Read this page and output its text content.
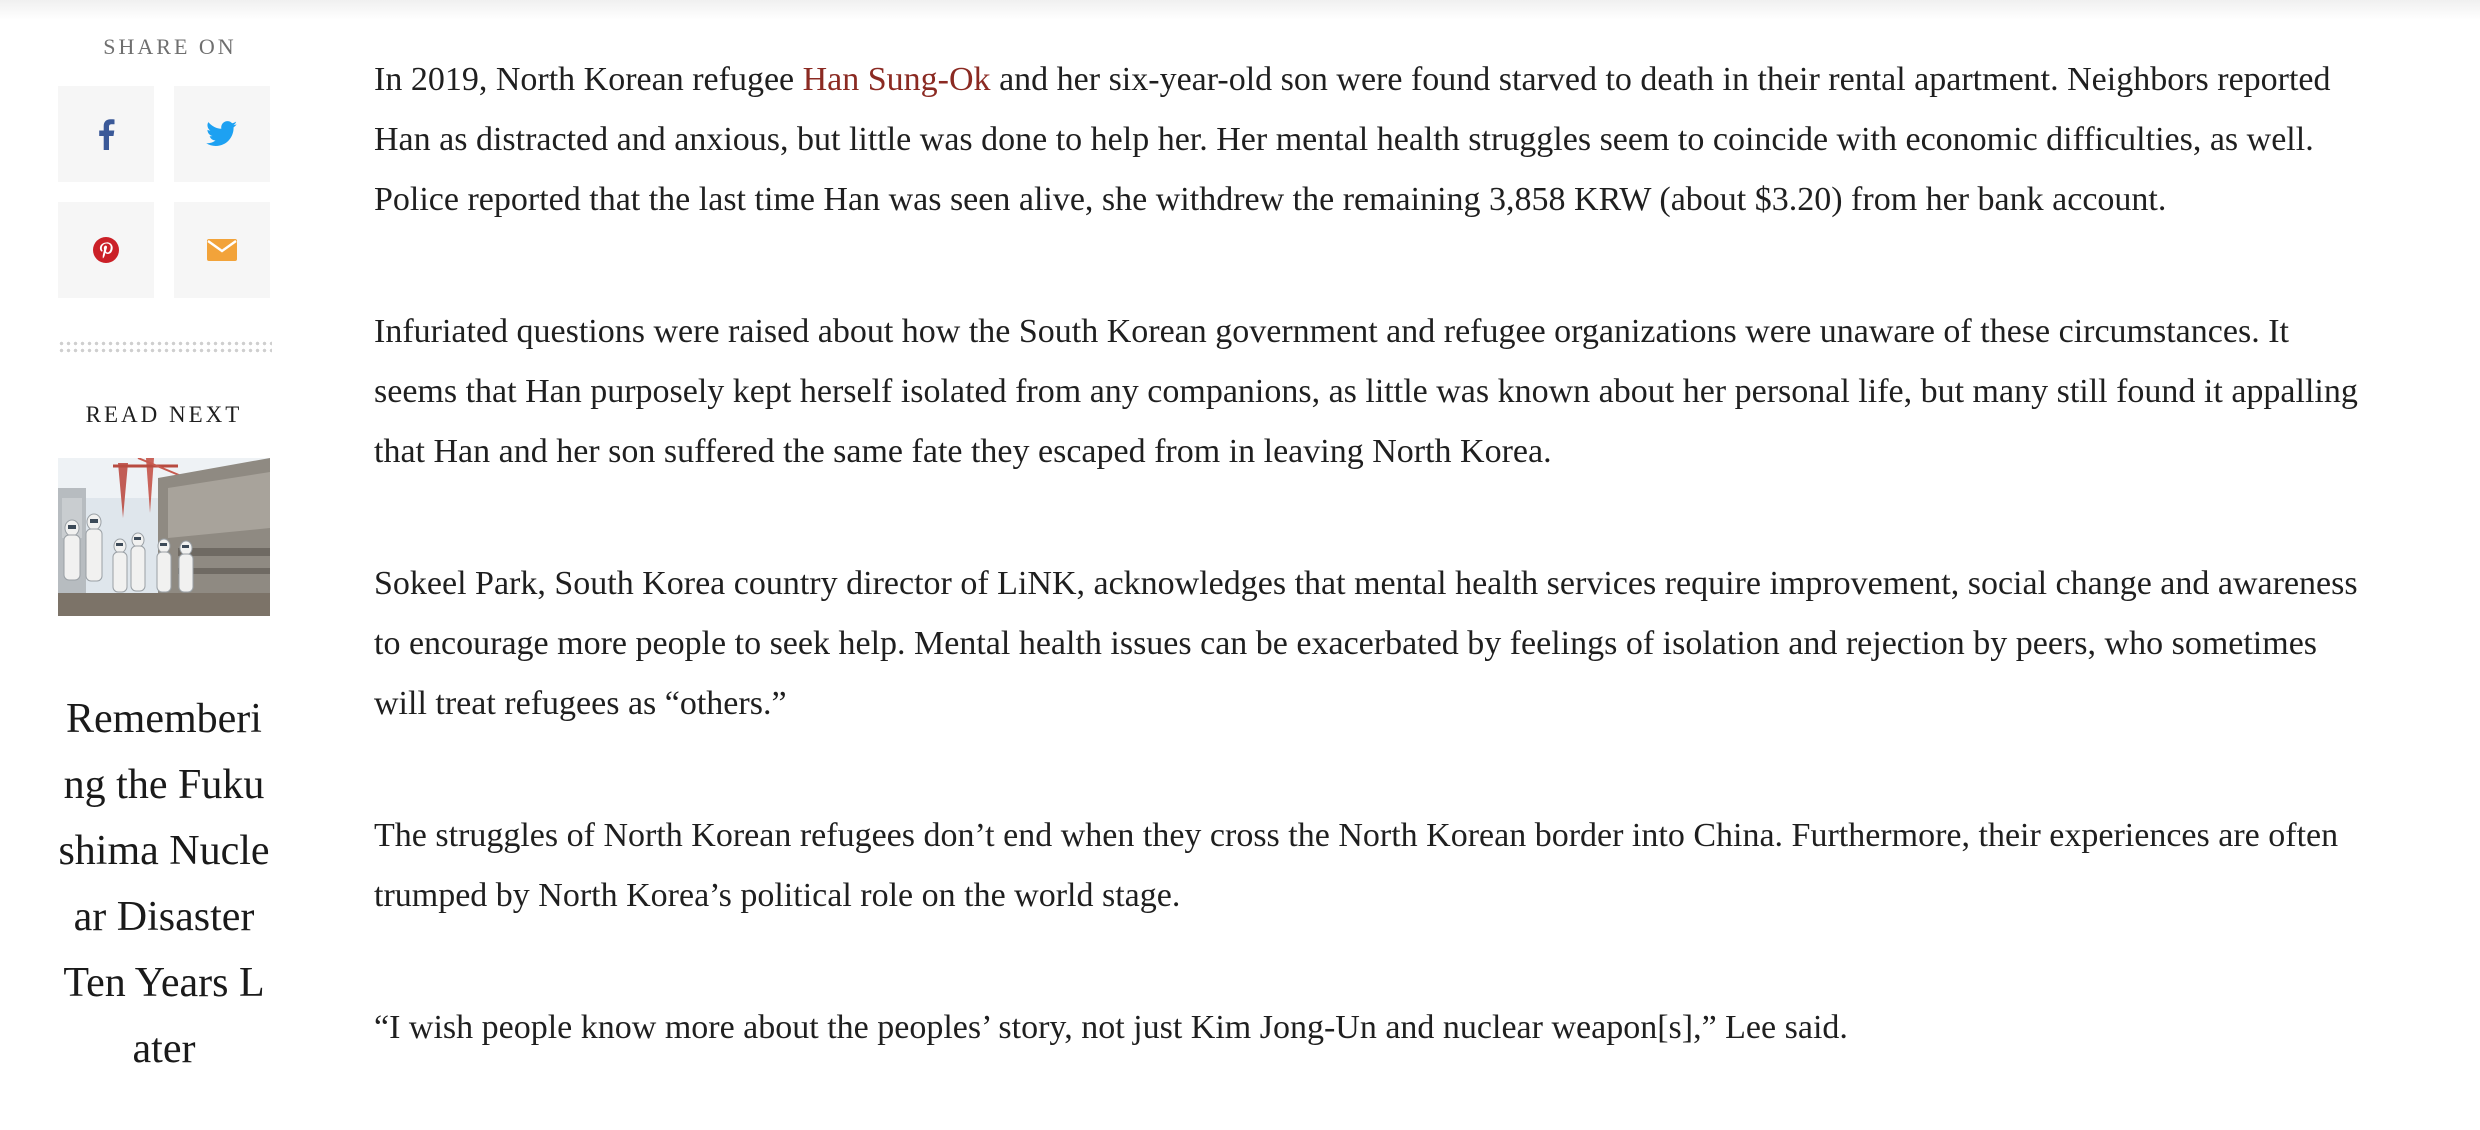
SHARE ON
READ NEXT
Remembering the Fukushima Nuclear Disaster Ten Years Later

In 2019, North Korean refugee Han Sung-Ok and her six-year-old son were found starved to death in their rental apartment. Neighbors reported Han as distracted and anxious, but little was done to help her. Her mental health struggles seem to coincide with economic difficulties, as well. Police reported that the last time Han was seen alive, she withdrew the remaining 3,858 KRW (about $3.20) from her bank account.

Infuriated questions were raised about how the South Korean government and refugee organizations were unaware of these circumstances. It seems that Han purposely kept herself isolated from any companions, as little was known about her personal life, but many still found it appalling that Han and her son suffered the same fate they escaped from in leaving North Korea.

Sokeel Park, South Korea country director of LiNK, acknowledges that mental health services require improvement, social change and awareness to encourage more people to seek help. Mental health issues can be exacerbated by feelings of isolation and rejection by peers, who sometimes will treat refugees as “others.”

The struggles of North Korean refugees don’t end when they cross the North Korean border into China. Furthermore, their experiences are often trumped by North Korea’s political role on the world stage.

“I wish people know more about the peoples’ story, not just Kim Jong-Un and nuclear weapon[s],” Lee said.
